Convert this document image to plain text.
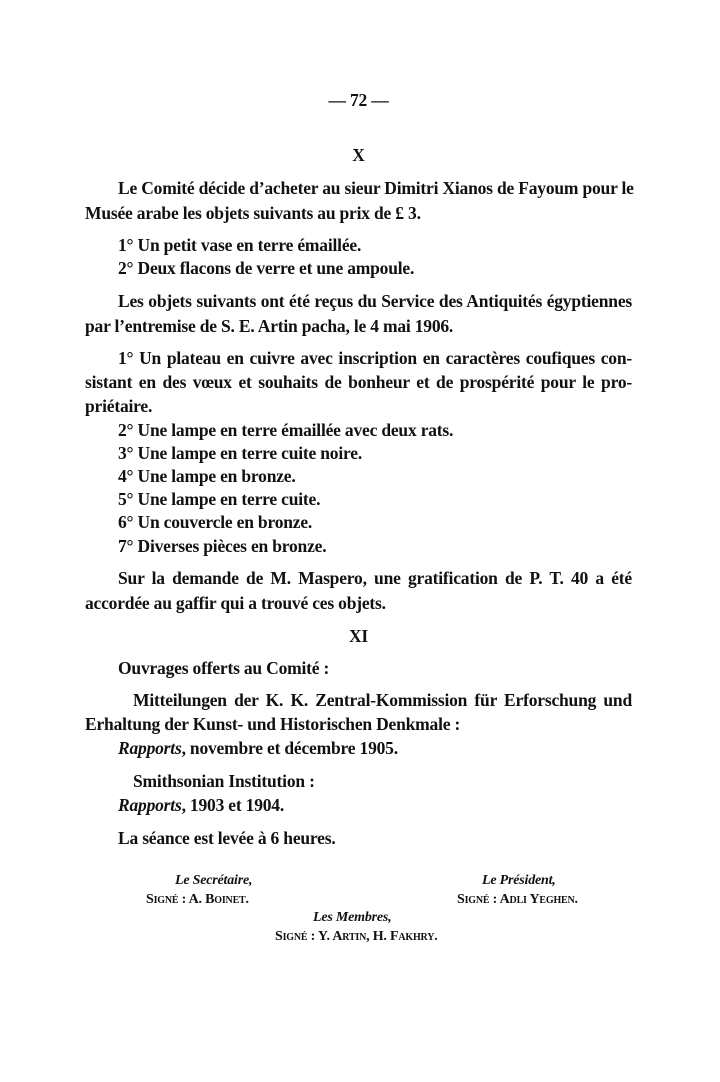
— 72 —
X
Le Comité décide d’acheter au sieur Dimitri Xianos de Fayoum pour le
Musée arabe les objets suivants au prix de £ 3.
1° Un petit vase en terre émaillée.
2° Deux flacons de verre et une ampoule.
Les objets suivants ont été reçus du Service des Antiquités égyptiennes
par l’entremise de S. E. Artin pacha, le 4 mai 1906.
1° Un plateau en cuivre avec inscription en caractères coufiques con-
sistant en des vœux et souhaits de bonheur et de prospérité pour le pro-
priétaire.
2° Une lampe en terre émaillée avec deux rats.
3° Une lampe en terre cuite noire.
4° Une lampe en bronze.
5° Une lampe en terre cuite.
6° Un couvercle en bronze.
7° Diverses pièces en bronze.
Sur la demande de M. Maspero, une gratification de P. T. 40 a été
accordée au gaffir qui a trouvé ces objets.
XI
Ouvrages offerts au Comité :
Mitteilungen der K. K. Zentral-Kommission für Erforschung und
Erhaltung der Kunst- und Historischen Denkmale :
Rapports, novembre et décembre 1905.
Smithsonian Institution :
Rapports, 1903 et 1904.
La séance est levée à 6 heures.
Le Secrétaire,
Signé : A. Boinet.
Le Président,
Signé : Adli Yeghen.
Les Membres,
Signé : Y. Artin, H. Fakhry.
